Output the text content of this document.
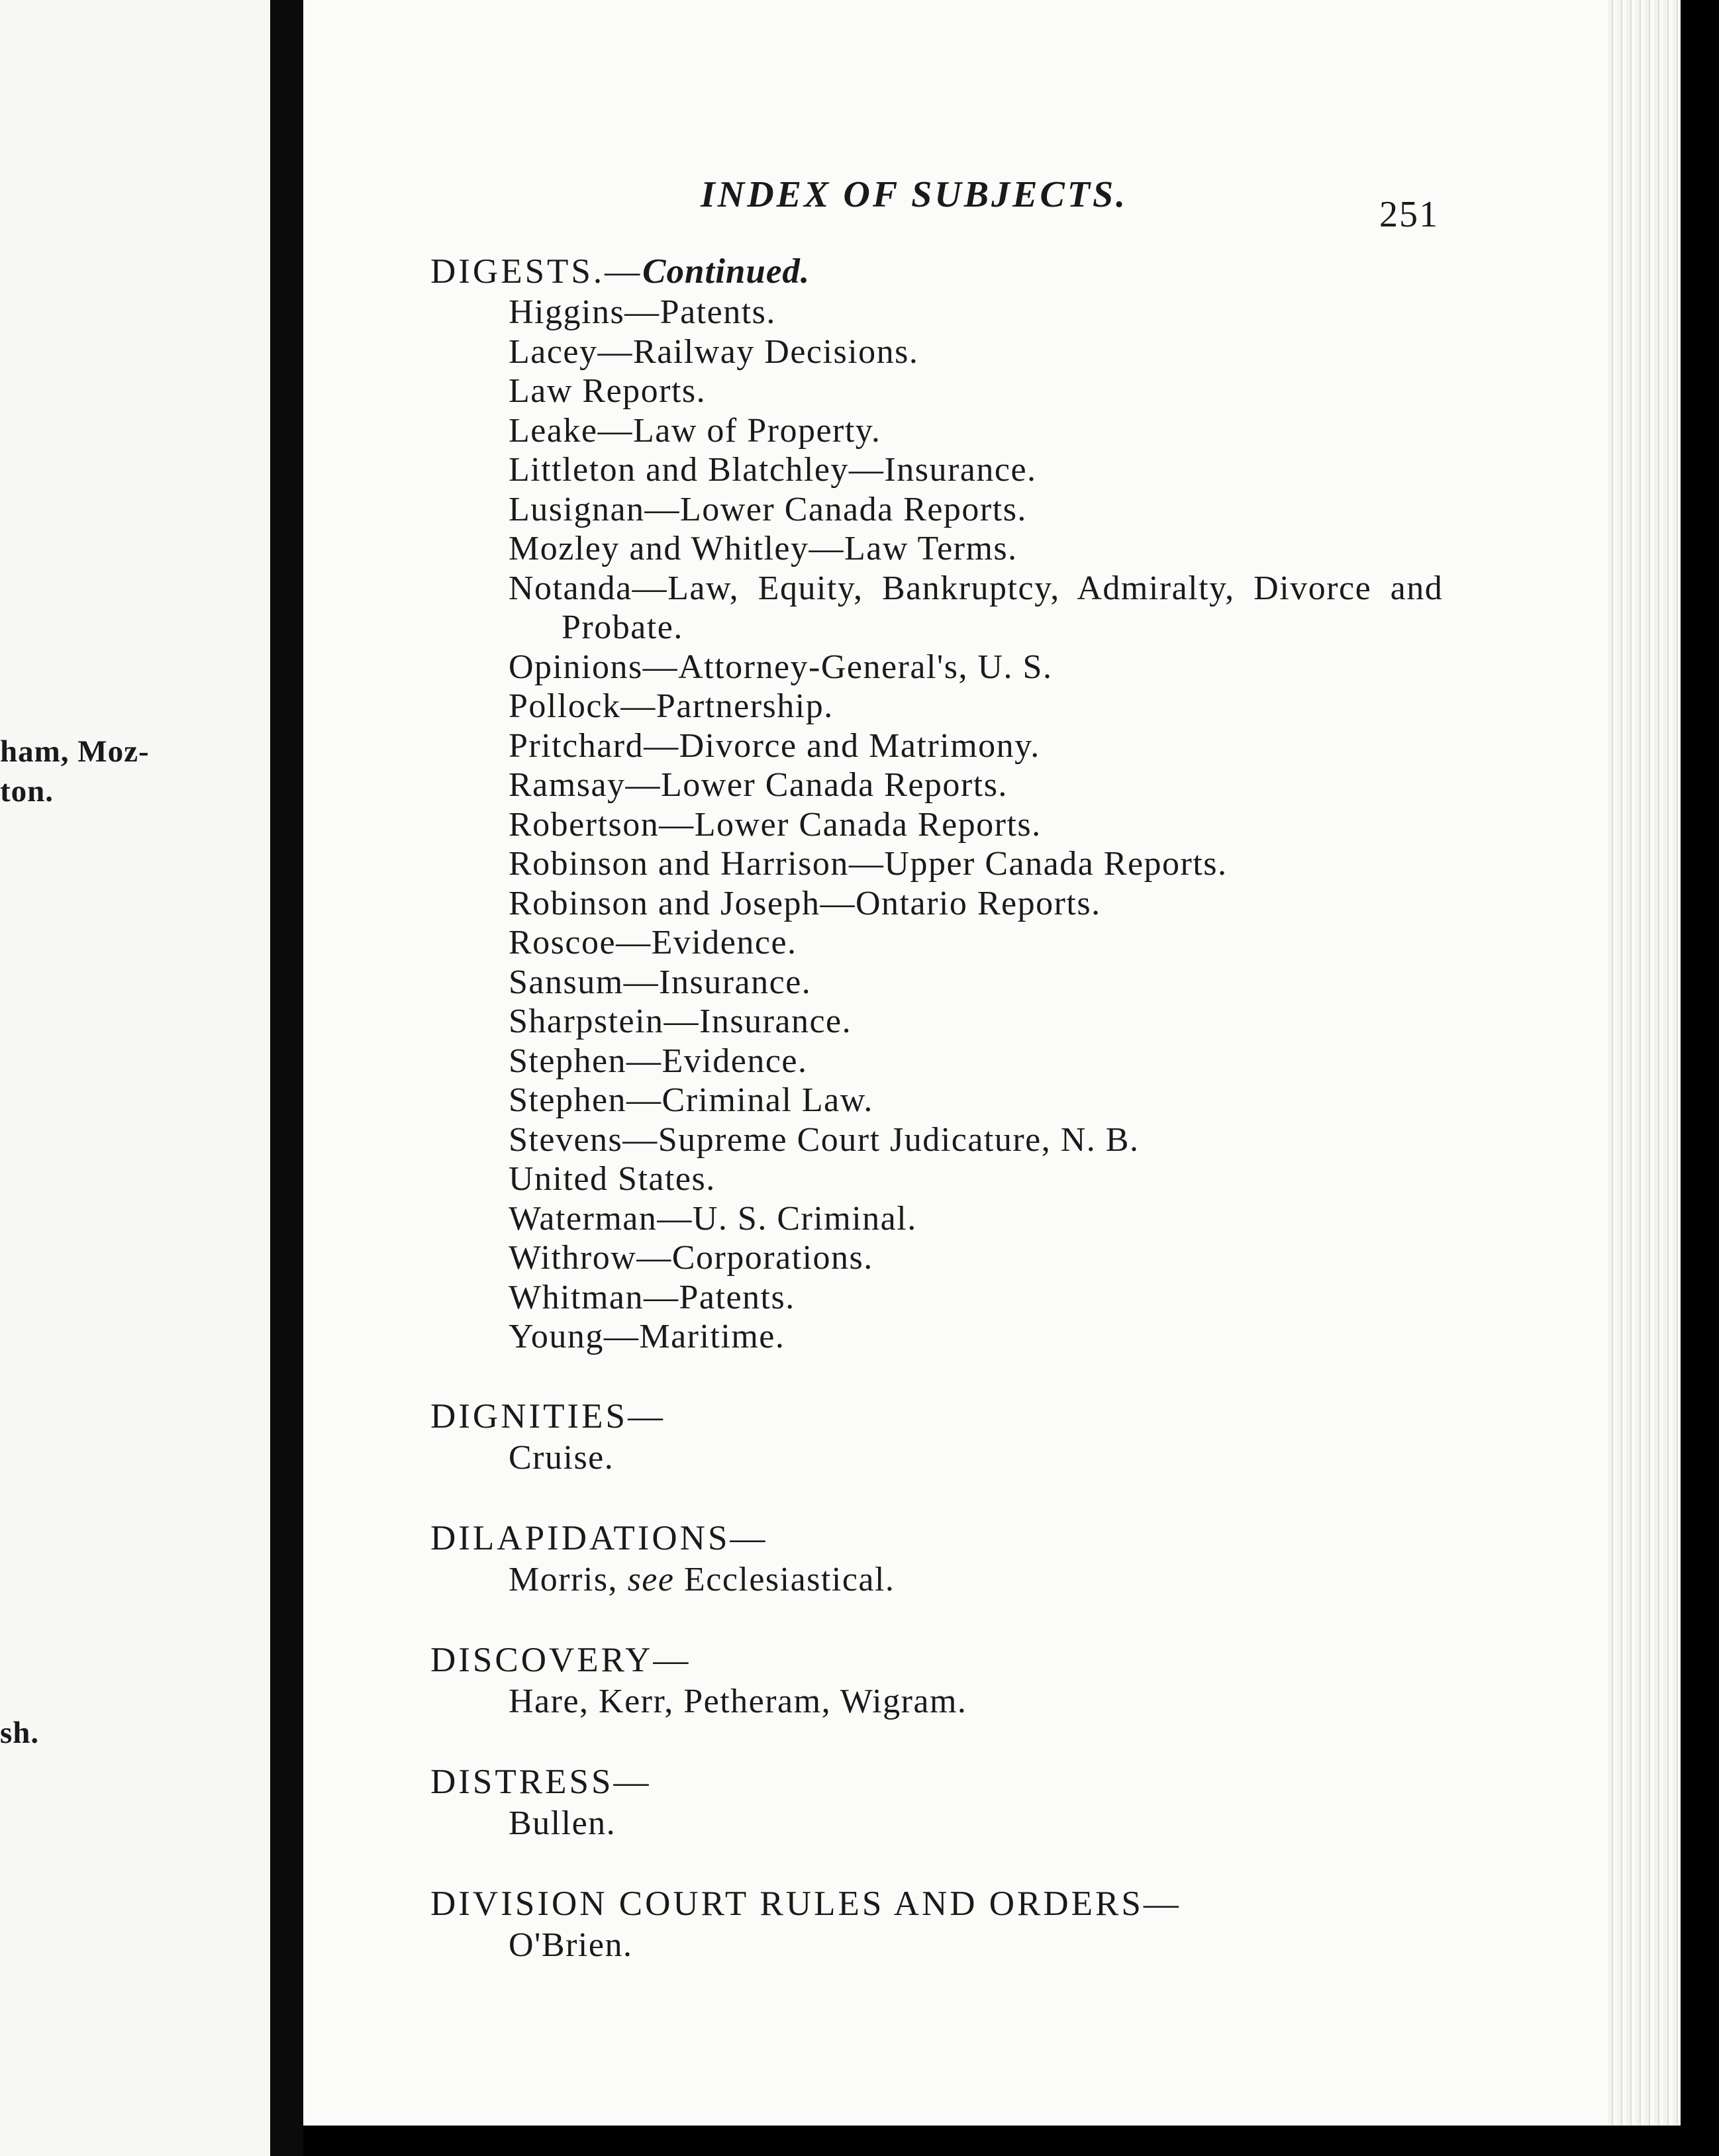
ham, Moz-
ton.
sh.
INDEX OF SUBJECTS.	251
DIGESTS.—Continued.
Higgins—Patents.
Lacey—Railway Decisions.
Law Reports.
Leake—Law of Property.
Littleton and Blatchley—Insurance.
Lusignan—Lower Canada Reports.
Mozley and Whitley—Law Terms.
Notanda—Law, Equity, Bankruptcy, Admiralty, Divorce and Probate.
Opinions—Attorney-General's, U. S.
Pollock—Partnership.
Pritchard—Divorce and Matrimony.
Ramsay—Lower Canada Reports.
Robertson—Lower Canada Reports.
Robinson and Harrison—Upper Canada Reports.
Robinson and Joseph—Ontario Reports.
Roscoe—Evidence.
Sansum—Insurance.
Sharpstein—Insurance.
Stephen—Evidence.
Stephen—Criminal Law.
Stevens—Supreme Court Judicature, N. B.
United States.
Waterman—U. S. Criminal.
Withrow—Corporations.
Whitman—Patents.
Young—Maritime.
DIGNITIES—
Cruise.
DILAPIDATIONS—
Morris, see Ecclesiastical.
DISCOVERY—
Hare, Kerr, Petheram, Wigram.
DISTRESS—
Bullen.
DIVISION COURT RULES AND ORDERS—
O'Brien.
